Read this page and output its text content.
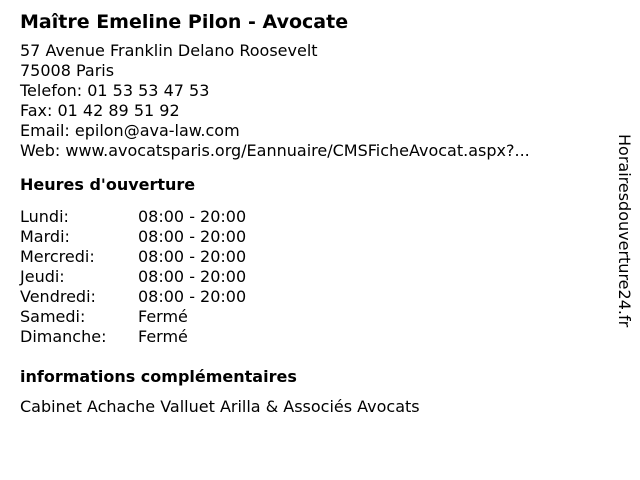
Maître Emeline Pilon - Avocate
57 Avenue Franklin Delano Roosevelt
75008 Paris
Telefon: 01 53 53 47 53
Fax: 01 42 89 51 92
Email: epilon@ava-law.com
Web: www.avocatsparis.org/Eannuaire/CMSFicheAvocat.aspx?...
Heures d'ouverture
Lundi:	08:00 - 20:00
Mardi:	08:00 - 20:00
Mercredi:	08:00 - 20:00
Jeudi:	08:00 - 20:00
Vendredi:	08:00 - 20:00
Samedi:	Fermé
Dimanche:	Fermé
informations complémentaires
Cabinet Achache Valluet Arilla & Associés Avocats
Horairesdouverture24.fr
